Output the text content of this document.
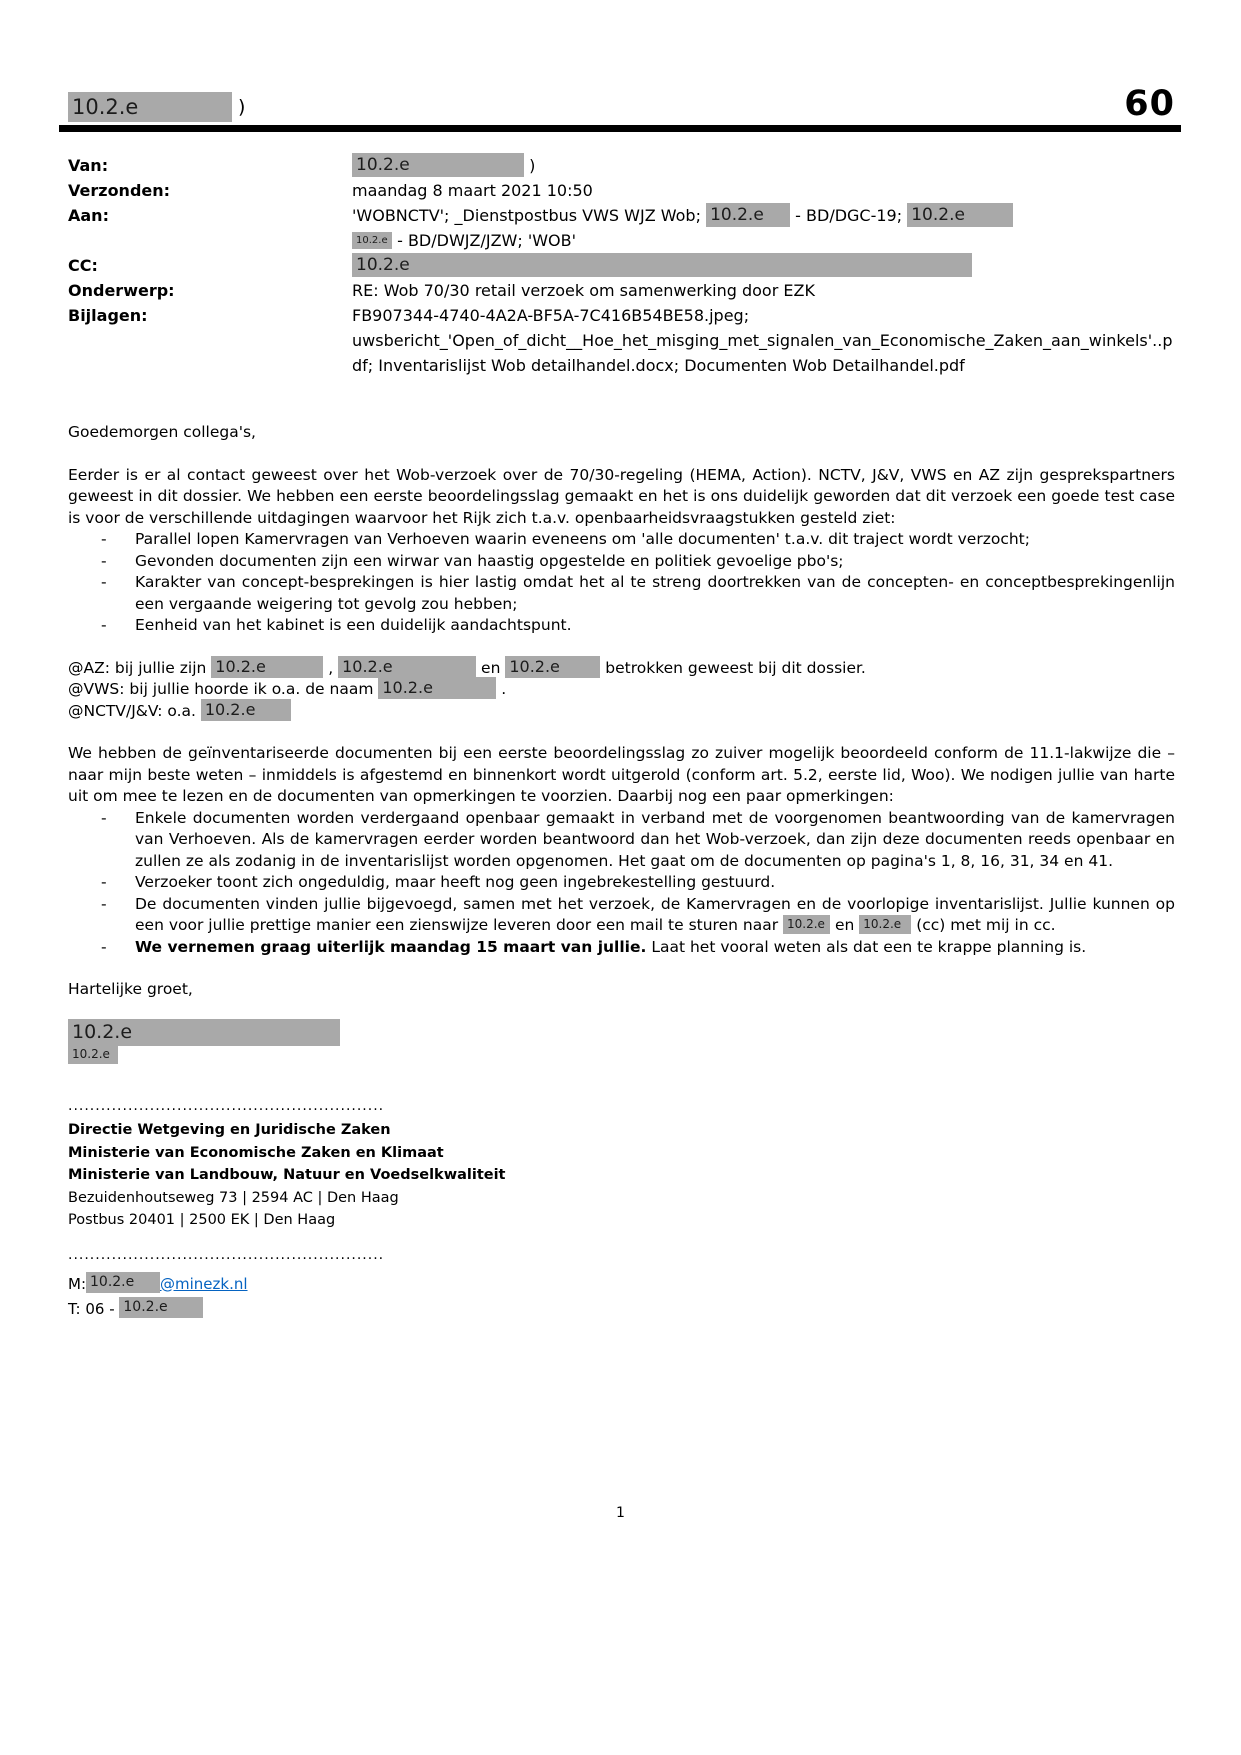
10.2.e	)	60
Van:	10.2.e	)
Verzonden:	maandag 8 maart 2021 10:50
Aan:	'WOBNCTV'; _Dienstpostbus VWS WJZ Wob; 10.2.e - BD/DGC-19; 10.2.e
10.2.e - BD/DWJZ/JZW; 'WOB'
CC:	10.2.e
Onderwerp:	RE: Wob 70/30 retail verzoek om samenwerking door EZK
Bijlagen:	FB907344-4740-4A2A-BF5A-7C416B54BE58.jpeg; uwsbericht_'Open_of_dicht__Hoe_het_misging_met_signalen_van_Economische_Zaken_aan_winkels'..pdf; Inventarislijst Wob detailhandel.docx; Documenten Wob Detailhandel.pdf
Goedemorgen collega's,
Eerder is er al contact geweest over het Wob-verzoek over de 70/30-regeling (HEMA, Action). NCTV, J&V, VWS en AZ zijn gesprekspartners geweest in dit dossier. We hebben een eerste beoordelingsslag gemaakt en het is ons duidelijk geworden dat dit verzoek een goede test case is voor de verschillende uitdagingen waarvoor het Rijk zich t.a.v. openbaarheidsvraagstukken gesteld ziet:
-	Parallel lopen Kamervragen van Verhoeven waarin eveneens om 'alle documenten' t.a.v. dit traject wordt verzocht;
-	Gevonden documenten zijn een wirwar van haastig opgestelde en politiek gevoelige pbo's;
-	Karakter van concept-besprekingen is hier lastig omdat het al te streng doortrekken van de concepten- en conceptbesprekingenlijn een vergaande weigering tot gevolg zou hebben;
-	Eenheid van het kabinet is een duidelijk aandachtspunt.
@AZ: bij jullie zijn 10.2.e	, 10.2.e	en 10.2.e	betrokken geweest bij dit dossier.
@VWS: bij jullie hoorde ik o.a. de naam 10.2.e	.
@NCTV/J&V: o.a. 10.2.e
We hebben de geïnventariseerde documenten bij een eerste beoordelingsslag zo zuiver mogelijk beoordeeld conform de 11.1-lakwijze die – naar mijn beste weten – inmiddels is afgestemd en binnenkort wordt uitgerold (conform art. 5.2, eerste lid, Woo). We nodigen jullie van harte uit om mee te lezen en de documenten van opmerkingen te voorzien. Daarbij nog een paar opmerkingen:
-	Enkele documenten worden verdergaand openbaar gemaakt in verband met de voorgenomen beantwoording van de kamervragen van Verhoeven. Als de kamervragen eerder worden beantwoord dan het Wob-verzoek, dan zijn deze documenten reeds openbaar en zullen ze als zodanig in de inventarislijst worden opgenomen. Het gaat om de documenten op pagina's 1, 8, 16, 31, 34 en 41.
-	Verzoeker toont zich ongeduldig, maar heeft nog geen ingebrekestelling gestuurd.
-	De documenten vinden jullie bijgevoegd, samen met het verzoek, de Kamervragen en de voorlopige inventarislijst. Jullie kunnen op een voor jullie prettige manier een zienswijze leveren door een mail te sturen naar 10.2.e en 10.2.e (cc) met mij in cc.
-	We vernemen graag uiterlijk maandag 15 maart van jullie. Laat het vooral weten als dat een te krappe planning is.
Hartelijke groet,
10.2.e
10.2.e
..........................................................
Directie Wetgeving en Juridische Zaken
Ministerie van Economische Zaken en Klimaat
Ministerie van Landbouw, Natuur en Voedselkwaliteit
Bezuidenhoutseweg 73 | 2594 AC | Den Haag
Postbus 20401 | 2500 EK | Den Haag
..........................................................
M: 10.2.e @minezk.nl
T: 06 - 10.2.e
1
